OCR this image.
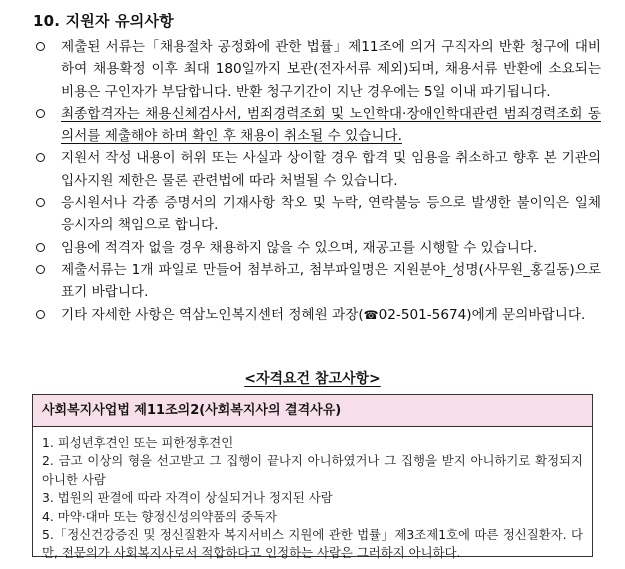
10. 지원자 유의사항
제출된 서류는「채용절차 공정화에 관한 법률」제11조에 의거 구직자의 반환 청구에 대비하여 채용확정 이후 최대 180일까지 보관(전자서류 제외)되며, 채용서류 반환에 소요되는 비용은 구인자가 부담합니다. 반환 청구기간이 지난 경우에는 5일 이내 파기됩니다.
최종합격자는 채용신체검사서, 범죄경력조회 및 노인학대·장애인학대관련 범죄경력조회 동의서를 제출해야 하며 확인 후 채용이 취소될 수 있습니다.
지원서 작성 내용이 허위 또는 사실과 상이할 경우 합격 및 임용을 취소하고 향후 본 기관의 입사지원 제한은 물론 관련법에 따라 처벌될 수 있습니다.
응시원서나 각종 증명서의 기재사항 착오 및 누락, 연락불능 등으로 발생한 불이익은 일체 응시자의 책임으로 합니다.
임용에 적격자 없을 경우 채용하지 않을 수 있으며, 재공고를 시행할 수 있습니다.
제출서류는 1개 파일로 만들어 첨부하고, 첨부파일명은 지원분야_성명(사무원_홍길동)으로 표기 바랍니다.
기타 자세한 사항은 역삼노인복지센터 정혜원 과장(☎02-501-5674)에게 문의바랍니다.
<자격요건 참고사항>
사회복지사업법 제11조의2(사회복지사의 결격사유)
1. 피성년후견인 또는 피한정후견인
2. 금고 이상의 형을 선고받고 그 집행이 끝나지 아니하였거나 그 집행을 받지 아니하기로 확정되지 아니한 사람
3. 법원의 판결에 따라 자격이 상실되거나 정지된 사람
4. 마약·대마 또는 향정신성의약품의 중독자
5.「정신건강증진 및 정신질환자 복지서비스 지원에 관한 법률」제3조제1호에 따른 정신질환자. 다만, 전문의가 사회복지사로서 적합하다고 인정하는 사람은 그러하지 아니하다.
